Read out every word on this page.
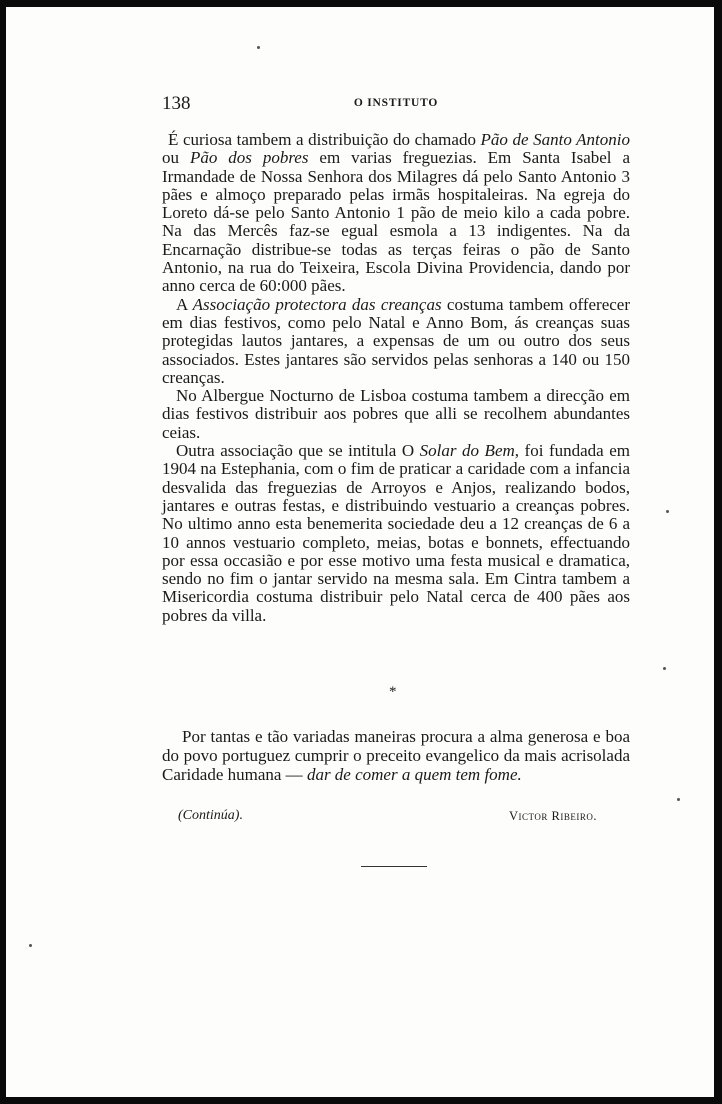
138	O INSTITUTO

É curiosa tambem a distribuição do chamado Pão de Santo Antonio ou Pão dos pobres em varias freguezias. Em Santa Isabel a Irmandade de Nossa Senhora dos Milagres dá pelo Santo Antonio 3 pães e almoço preparado pelas irmãs hospitaleiras. Na egreja do Loreto dá-se pelo Santo Antonio 1 pão de meio kilo a cada pobre. Na das Mercês faz-se egual esmola a 13 indigentes. Na da Encarnação distribue-se todas as terças feiras o pão de Santo Antonio, na rua do Teixeira, Escola Divina Providencia, dando por anno cerca de 60:000 pães.

A Associação protectora das creanças costuma tambem offerecer em dias festivos, como pelo Natal e Anno Bom, ás creanças suas protegidas lautos jantares, a expensas de um ou outro dos seus associados. Estes jantares são servidos pelas senhoras a 140 ou 150 creanças.

No Albergue Nocturno de Lisboa costuma tambem a direcção em dias festivos distribuir aos pobres que alli se recolhem abundantes ceias.

Outra associação que se intitula O Solar do Bem, foi fundada em 1904 na Estephania, com o fim de praticar a caridade com a infancia desvalida das freguezias de Arroyos e Anjos, realizando bodos, jantares e outras festas, e distribuindo vestuario a creanças pobres. No ultimo anno esta benemerita sociedade deu a 12 creanças de 6 a 10 annos vestuario completo, meias, botas e bonnets, effectuando por essa occasião e por esse motivo uma festa musical e dramatica, sendo no fim o jantar servido na mesma sala. Em Cintra tambem a Misericordia costuma distribuir pelo Natal cerca de 400 pães aos pobres da villa.

*

Por tantas e tão variadas maneiras procura a alma generosa e boa do povo portuguez cumprir o preceito evangelico da mais acrisolada Caridade humana — dar de comer a quem tem fome.

(Continúa).	Victor Ribeiro.
